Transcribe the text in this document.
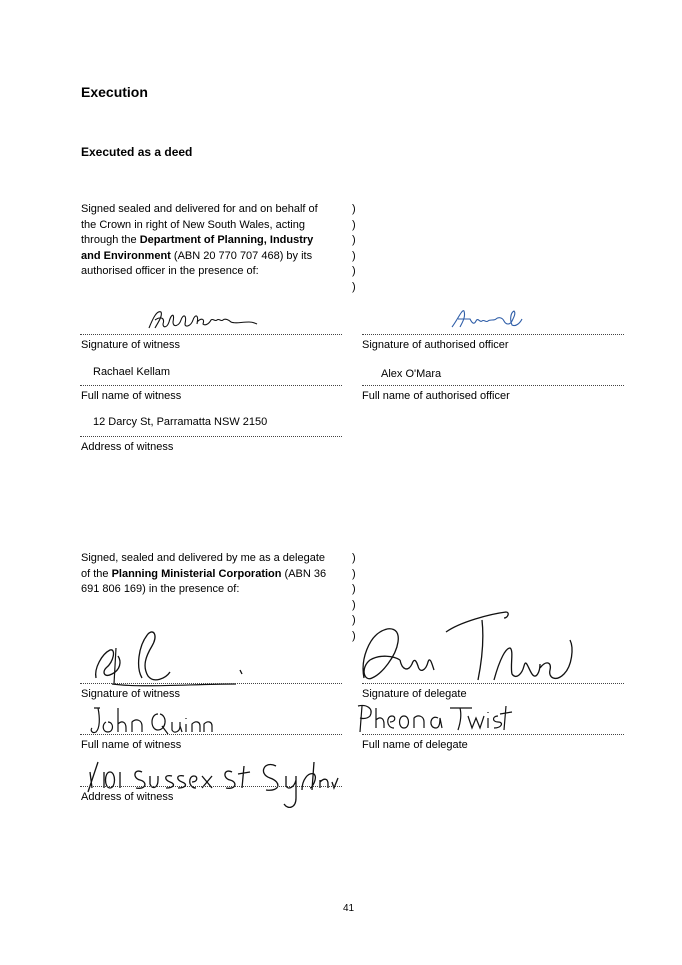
Execution
Executed as a deed
Signed sealed and delivered for and on behalf of
the Crown in right of New South Wales, acting
through the Department of Planning, Industry
and Environment (ABN 20 770 707 468) by its
authorised officer in the presence of:
)
)
)
)
)
)
Signature of witness	Signature of authorised officer
Rachael Kellam	Alex O'Mara
Full name of witness	Full name of authorised officer
12 Darcy St, Parramatta NSW 2150
Address of witness
Signed, sealed and delivered by me as a delegate
of the Planning Ministerial Corporation (ABN 36
691 806 169) in the presence of:
)
)
)
)
)
)
Signature of witness	Signature of delegate
Full name of witness	Full name of delegate
Address of witness
41
